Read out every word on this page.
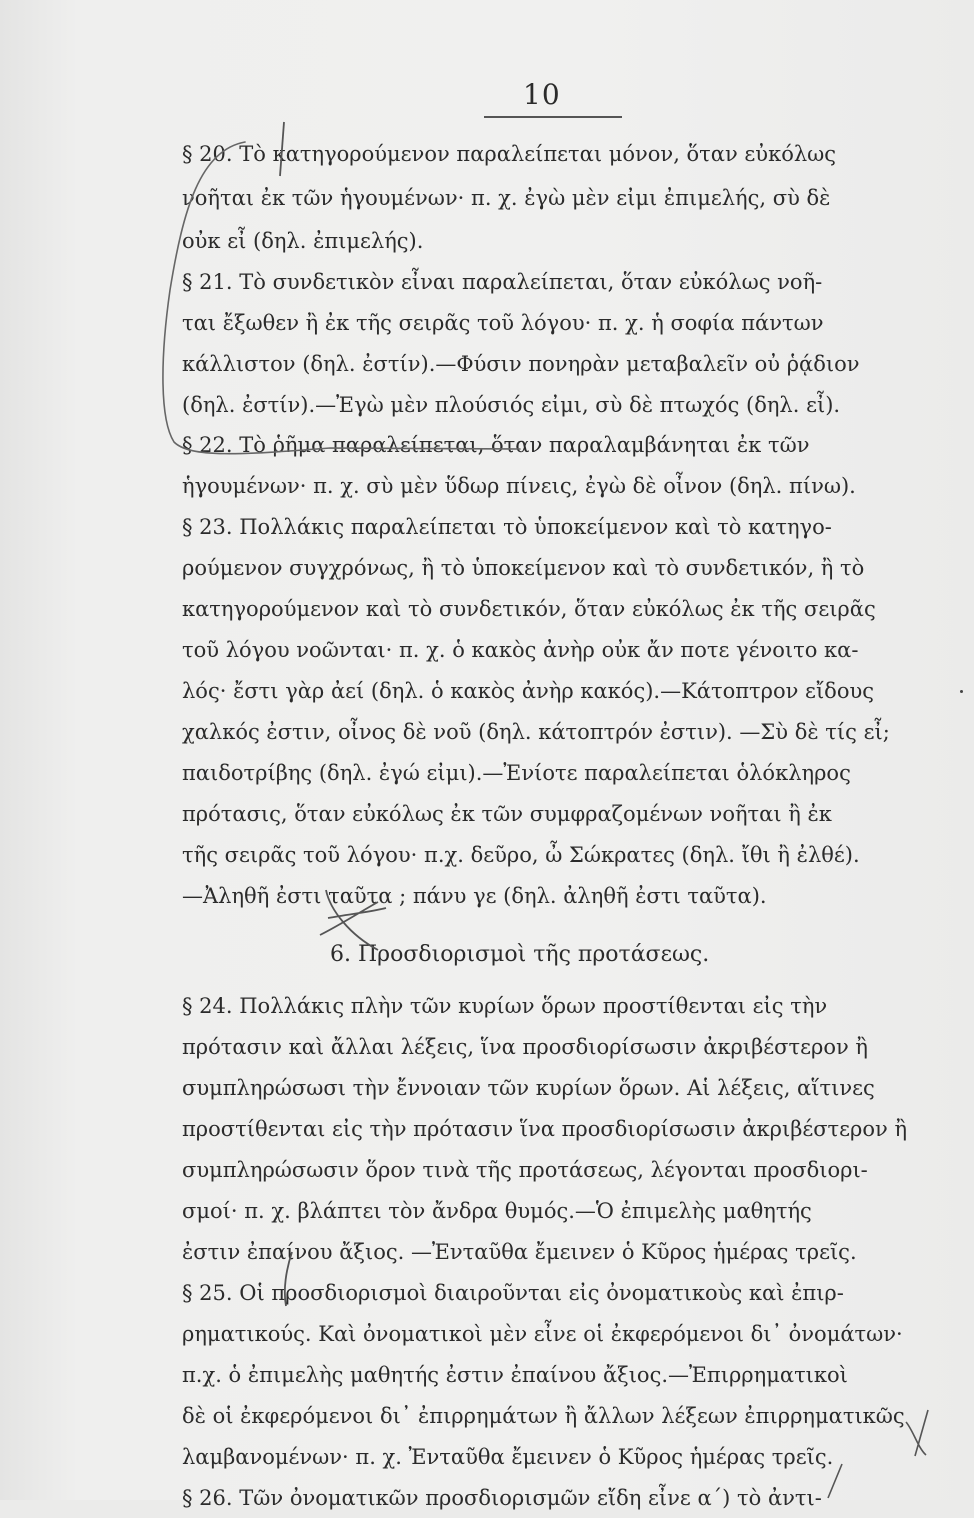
10
§ 20. Τὸ κατηγορούμενον παραλείπεται μόνον, ὅταν εὐκόλως
νοῆται ἐκ τῶν ἡγουμένων· π. χ. ἐγὼ μὲν εἰμι ἐπιμελής, σὺ δὲ
οὐκ εἶ (δηλ. ἐπιμελής).
§ 21. Τὸ συνδετικὸν εἶναι παραλείπεται, ὅταν εὐκόλως νοῆ-
ται ἔξωθεν ἢ ἐκ τῆς σειρᾶς τοῦ λόγου· π. χ. ἡ σοφία πάντων
κάλλιστον (δηλ. ἐστίν).—Φύσιν πονηρὰν μεταβαλεῖν οὐ ῥᾴδιον
(δηλ. ἐστίν).—Ἐγὼ μὲν πλούσιός εἰμι, σὺ δὲ πτωχός (δηλ. εἶ).
§ 22. Τὸ ῥῆμα παραλείπεται, ὅταν παραλαμβάνηται ἐκ τῶν
ἡγουμένων· π. χ. σὺ μὲν ὕδωρ πίνεις, ἐγὼ δὲ οἶνον (δηλ. πίνω).
§ 23. Πολλάκις παραλείπεται τὸ ὑποκείμενον καὶ τὸ κατηγο-
ρούμενον συγχρόνως, ἢ τὸ ὑποκείμενον καὶ τὸ συνδετικόν, ἢ τὸ
κατηγορούμενον καὶ τὸ συνδετικόν, ὅταν εὐκόλως ἐκ τῆς σειρᾶς
τοῦ λόγου νοῶνται· π. χ. ὁ κακὸς ἀνὴρ οὐκ ἄν ποτε γένοιτο κα-
λός· ἔστι γὰρ ἀεί (δηλ. ὁ κακὸς ἀνὴρ κακός).—Κάτοπτρον εἴδους
χαλκός ἐστιν, οἶνος δὲ νοῦ (δηλ. κάτοπτρόν ἐστιν). —Σὺ δὲ τίς εἶ;
παιδοτρίβης (δηλ. ἐγώ εἰμι).—Ἐνίοτε παραλείπεται ὁλόκληρος
πρότασις, ὅταν εὐκόλως ἐκ τῶν συμφραζομένων νοῆται ἢ ἐκ
τῆς σειρᾶς τοῦ λόγου· π.χ. δεῦρο, ὦ Σώκρατες (δηλ. ἴθι ἢ ἐλθέ).
—Ἀληθῆ ἐστι ταῦτα ; πάνυ γε (δηλ. ἀληθῆ ἐστι ταῦτα).
6. Προσδιορισμοὶ τῆς προτάσεως.
§ 24. Πολλάκις πλὴν τῶν κυρίων ὅρων προστίθενται εἰς τὴν
πρότασιν καὶ ἄλλαι λέξεις, ἵνα προσδιορίσωσιν ἀκριβέστερον ἢ
συμπληρώσωσι τὴν ἔννοιαν τῶν κυρίων ὅρων. Αἱ λέξεις, αἵτινες
προστίθενται εἰς τὴν πρότασιν ἵνα προσδιορίσωσιν ἀκριβέστερον ἢ
συμπληρώσωσιν ὅρον τινὰ τῆς προτάσεως, λέγονται προσδιορι-
σμοί· π. χ. βλάπτει τὸν ἄνδρα θυμός.—Ὁ ἐπιμελὴς μαθητής
ἐστιν ἐπαίνου ἄξιος. —Ἐνταῦθα ἔμεινεν ὁ Κῦρος ἡμέρας τρεῖς.
§ 25. Οἱ προσδιορισμοὶ διαιροῦνται εἰς ὀνοματικοὺς καὶ ἐπιρ-
ρηματικούς. Καὶ ὀνοματικοὶ μὲν εἶνε οἱ ἐκφερόμενοι δι᾽ ὀνομάτων·
π.χ. ὁ ἐπιμελὴς μαθητής ἐστιν ἐπαίνου ἄξιος.—Ἐπιρρηματικοὶ
δὲ οἱ ἐκφερόμενοι δι᾽ ἐπιρρημάτων ἢ ἄλλων λέξεων ἐπιρρηματικῶς
λαμβανομένων· π. χ. Ἐνταῦθα ἔμεινεν ὁ Κῦρος ἡμέρας τρεῖς.
§ 26. Τῶν ὀνοματικῶν προσδιορισμῶν εἴδη εἶνε α΄) τὸ ἀντι-
